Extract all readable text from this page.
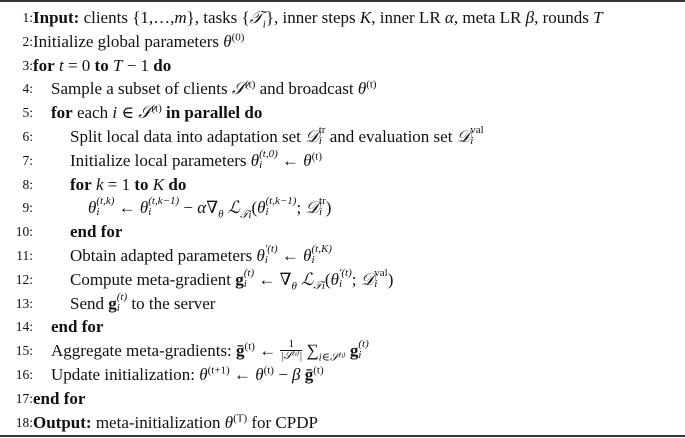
1: Input: clients {1,…,m}, tasks {𝒯$_i$}, inner steps K, inner LR α, meta LR β, rounds T
2: Initialize global parameters $\theta^{(0)}$
3: for t = 0 to T − 1 do
4: Sample a subset of clients 𝒮$^{(t)}$ and broadcast $\theta^{(t)}$
5: for each i ∈ 𝒮$^{(t)}$ in parallel do
6: Split local data into adaptation set 𝒟 tr
i and evaluation set 𝒟 val
i
7: Initialize local parameters θ (t,0)
i ← $\theta^{(t)}$
8: for k = 1 to K do
9:	θ (t,k)
i ← θ (t,k−1)
i	− $\alpha\nabla_\theta$ ℒ$_{𝒯i}$(θ (t,k−1)
i	; 𝒟 tr
i )
10: end for
11: Obtain adapted parameters θ ′(t)
i ← θ (t,K)
i
12: Compute meta-gradient g (t)
i ← $\nabla_\theta$ ℒ$_{𝒯i}$(θ ′(t)
i ; 𝒟 val
i )
13: Send g (t)
i to the server
14: end for
15: Aggregate meta-gradients: ḡ$^{(t)}$ ← $\frac{1}{\text{|𝒮⁽ᵗ⁾|}} \sum_{i\in 𝒮^(ᵗ^)}$ g (t)
i
16: Update initialization: $\theta^{(t+1)}$ ← $\theta^{(t)} - \beta$ ḡ$^{(t)}$
17: end for
18: Output: meta-initialization $\theta^{(T)}$ for CPDP
